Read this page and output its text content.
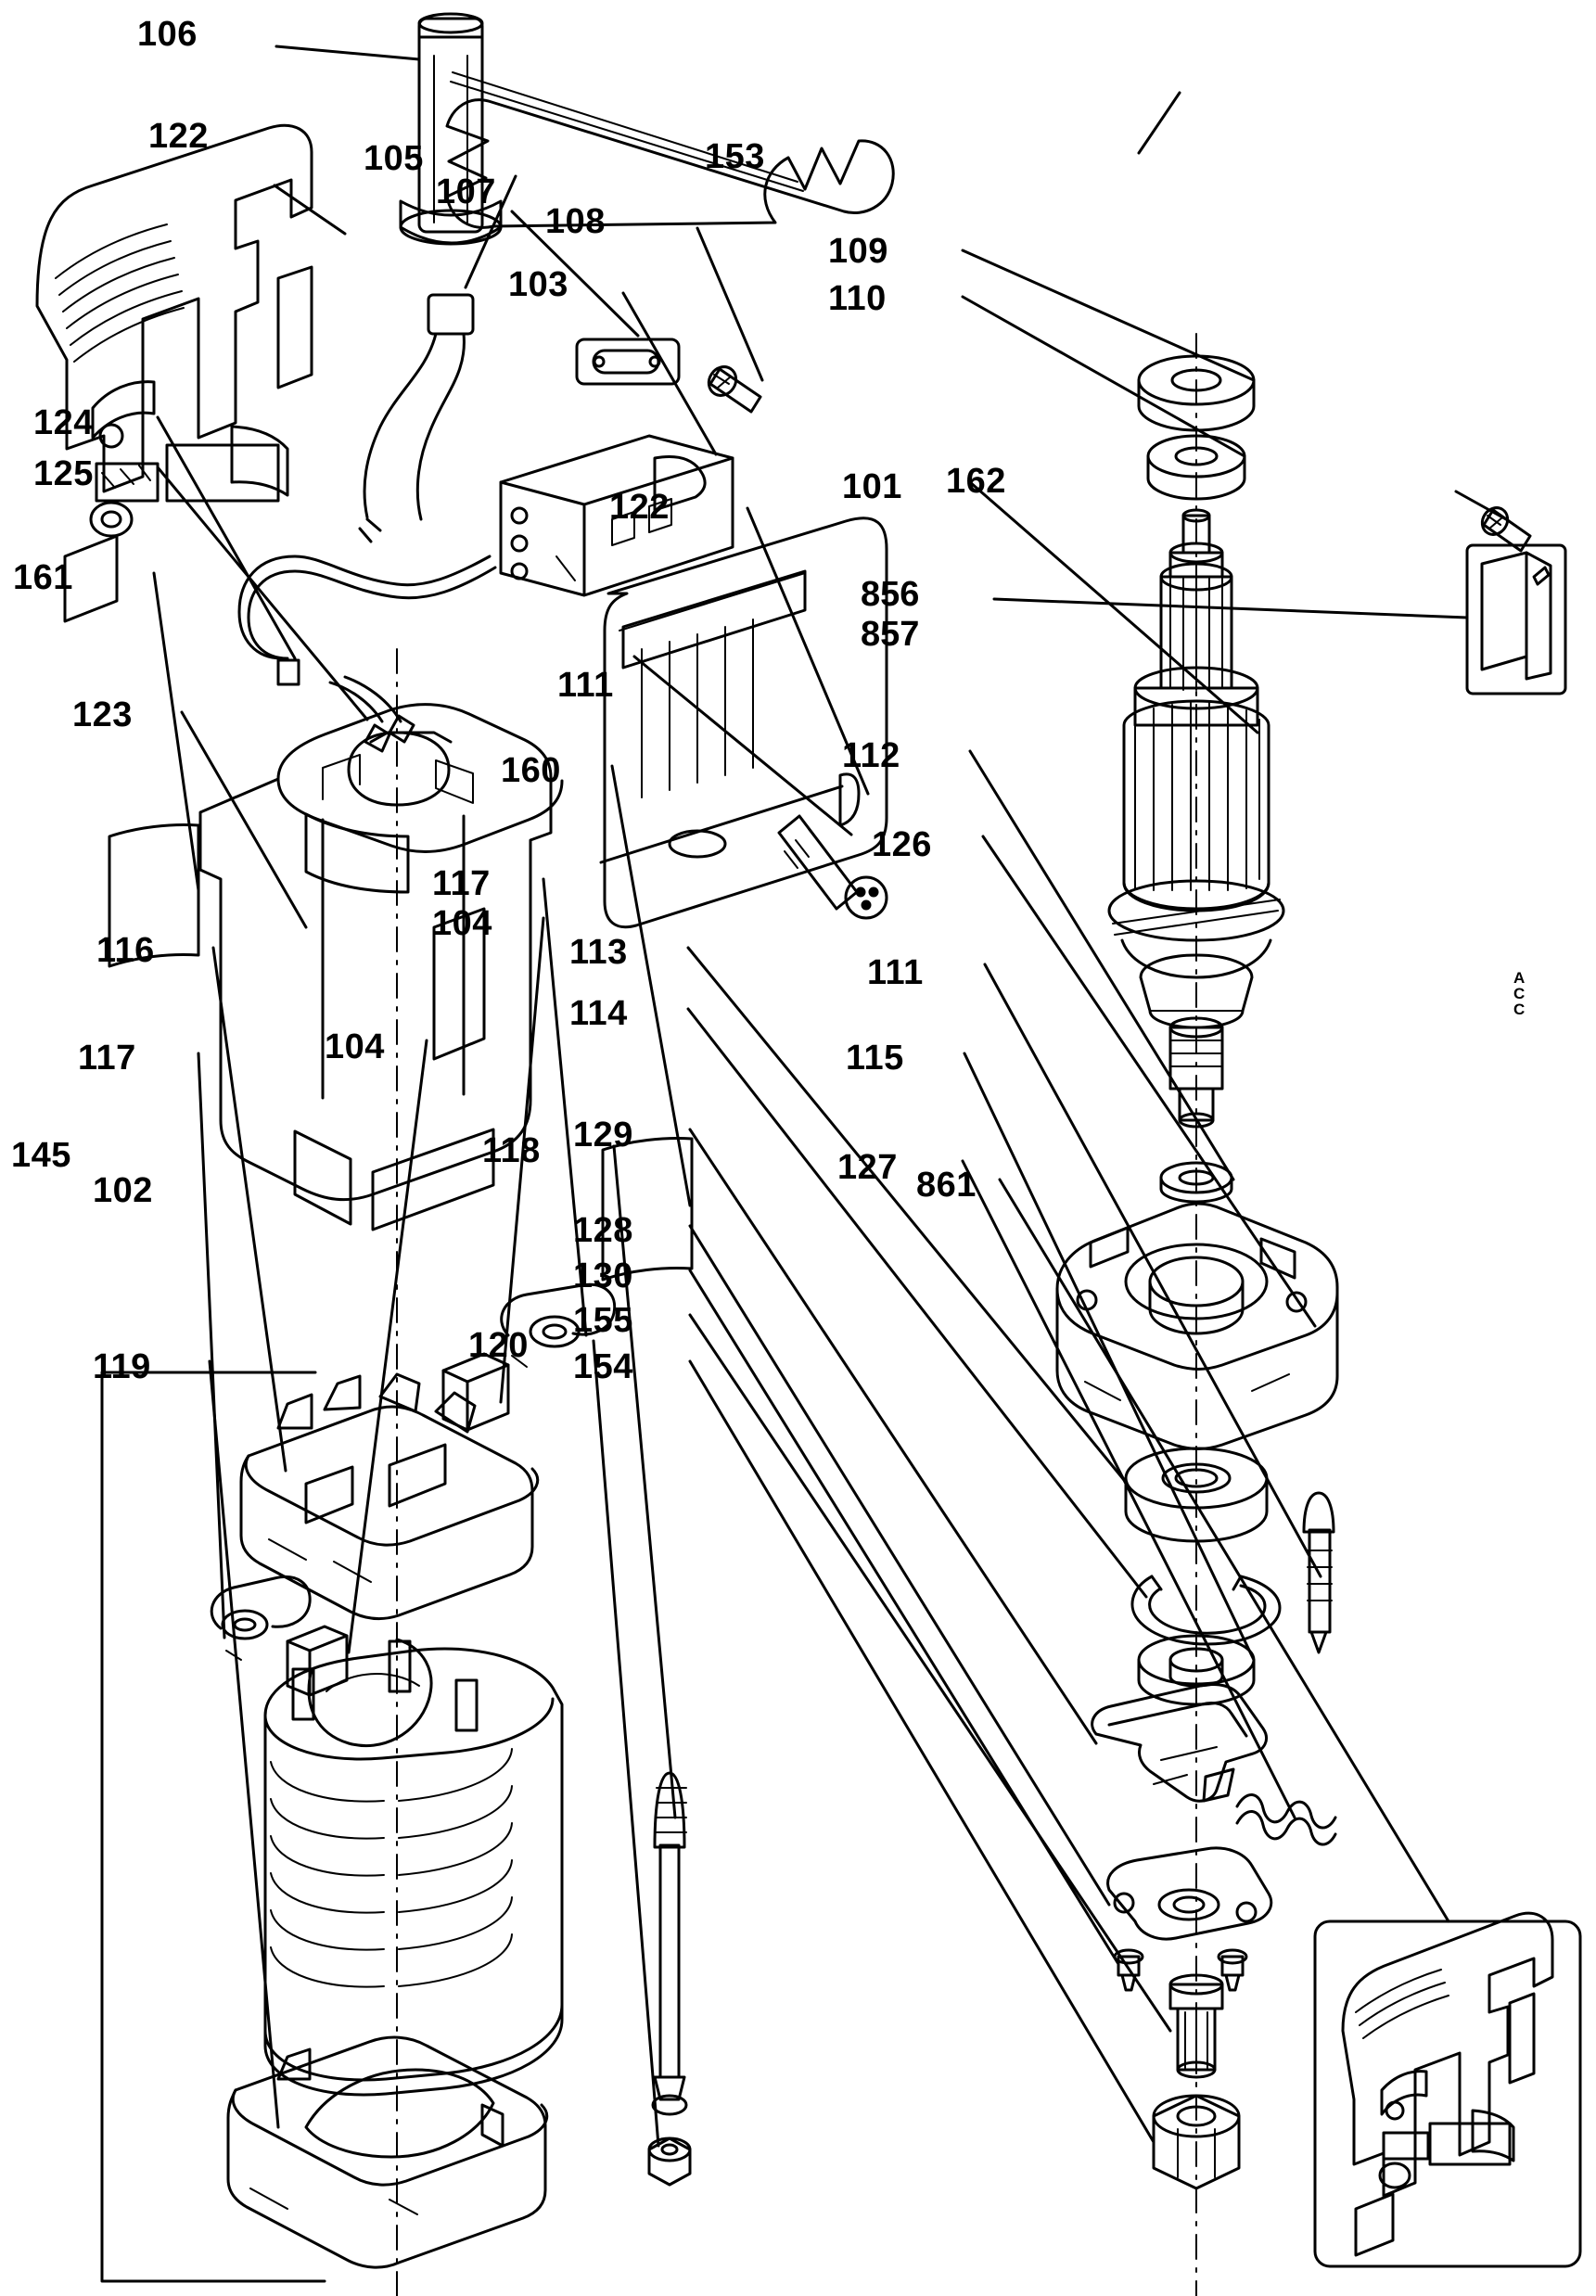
106
122
105
107
108
153
103
109
110
124
125
122
101 162
161
111
123
160	112
126
117
104
113
111
116
114
117	104	115
129
118	127
145
102	861
128
130
155
120
154
119
856
857
A
C
C
